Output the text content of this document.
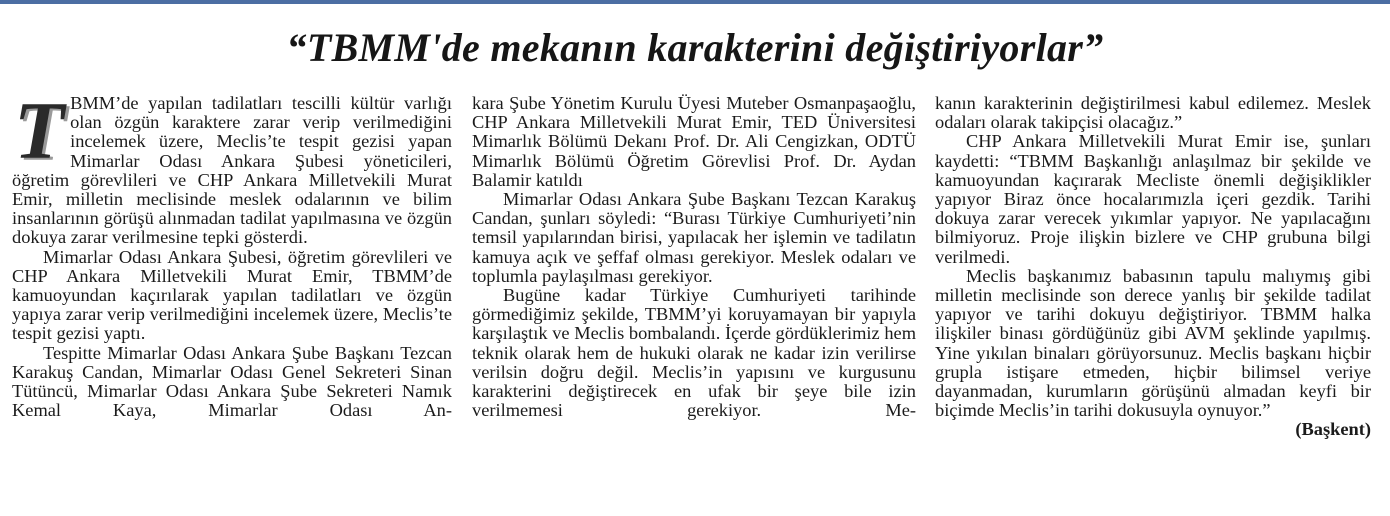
“TBMM'de mekanın karakterini değiştiriyorlar”
T BMM’de yapılan tadilatları tescilli kültür varlığı olan özgün karaktere zarar verip verilmediğini incelemek üzere, Meclis’te tespit gezisi yapan Mimarlar Odası Ankara Şubesi yöneticileri, öğretim görevlileri ve CHP Ankara Milletvekili Murat Emir, milletin meclisinde meslek odalarının ve bilim insanlarının görüşü alınmadan tadilat yapılmasına ve özgün dokuya zarar verilmesine tepki gösterdi.

Mimarlar Odası Ankara Şubesi, öğretim görevlileri ve CHP Ankara Milletvekili Murat Emir, TBMM’de kamuoyundan kaçırılarak yapılan tadilatları ve özgün yapıya zarar verip verilmediğini incelemek üzere, Meclis’te tespit gezisi yaptı.

Tespitte Mimarlar Odası Ankara Şube Başkanı Tezcan Karakuş Candan, Mimarlar Odası Genel Sekreteri Sinan Tütüncü, Mimarlar Odası Ankara Şube Sekreteri Namık Kemal Kaya, Mimarlar Odası An-

kara Şube Yönetim Kurulu Üyesi Muteber Osmanpaşaoğlu, CHP Ankara Milletvekili Murat Emir, TED Üniversitesi Mimarlık Bölümü Dekanı Prof. Dr. Ali Cengizkan, ODTÜ Mimarlık Bölümü Öğretim Görevlisi Prof. Dr. Aydan Balamir katıldı

Mimarlar Odası Ankara Şube Başkanı Tezcan Karakuş Candan, şunları söyledi: “Burası Türkiye Cumhuriyeti’nin temsil yapılarından birisi, yapılacak her işlemin ve tadilatın kamuya açık ve şeffaf olması gerekiyor. Meslek odaları ve toplumla paylaşılması gerekiyor.

Bugüne kadar Türkiye Cumhuriyeti tarihinde görmediğimiz şekilde, TBMM’yi koruyamayan bir yapıyla karşılaştık ve Meclis bombalandı. İçerde gördüklerimiz hem teknik olarak hem de hukuki olarak ne kadar izin verilirse verilsin doğru değil. Meclis’in yapısını ve kurgusunu karakterini değiştirecek en ufak bir şeye bile izin verilmemesi gerekiyor. Me-

kanın karakterinin değiştirilmesi kabul edilemez. Meslek odaları olarak takipçisi olacağız.”

CHP Ankara Milletvekili Murat Emir ise, şunları kaydetti: “TBMM Başkanlığı anlaşılmaz bir şekilde ve kamuoyundan kaçırarak Mecliste önemli değişiklikler yapıyor Biraz önce hocalarımızla içeri gezdik. Tarihi dokuya zarar verecek yıkımlar yapıyor. Ne yapılacağını bilmiyoruz. Proje ilişkin bizlere ve CHP grubuna bilgi verilmedi.

Meclis başkanımız babasının tapulu malıymış gibi milletin meclisinde son derece yanlış bir şekilde tadilat yapıyor ve tarihi dokuyu değiştiriyor. TBMM halka ilişkiler binası gördüğünüz gibi AVM şeklinde yapılmış. Yine yıkılan binaları görüyorsunuz. Meclis başkanı hiçbir grupla istişare etmeden, hiçbir bilimsel veriye dayanmadan, kurumların görüşünü almadan keyfi bir biçimde Meclis’in tarihi dokusuyla oynuyor.”
(Başkent)
